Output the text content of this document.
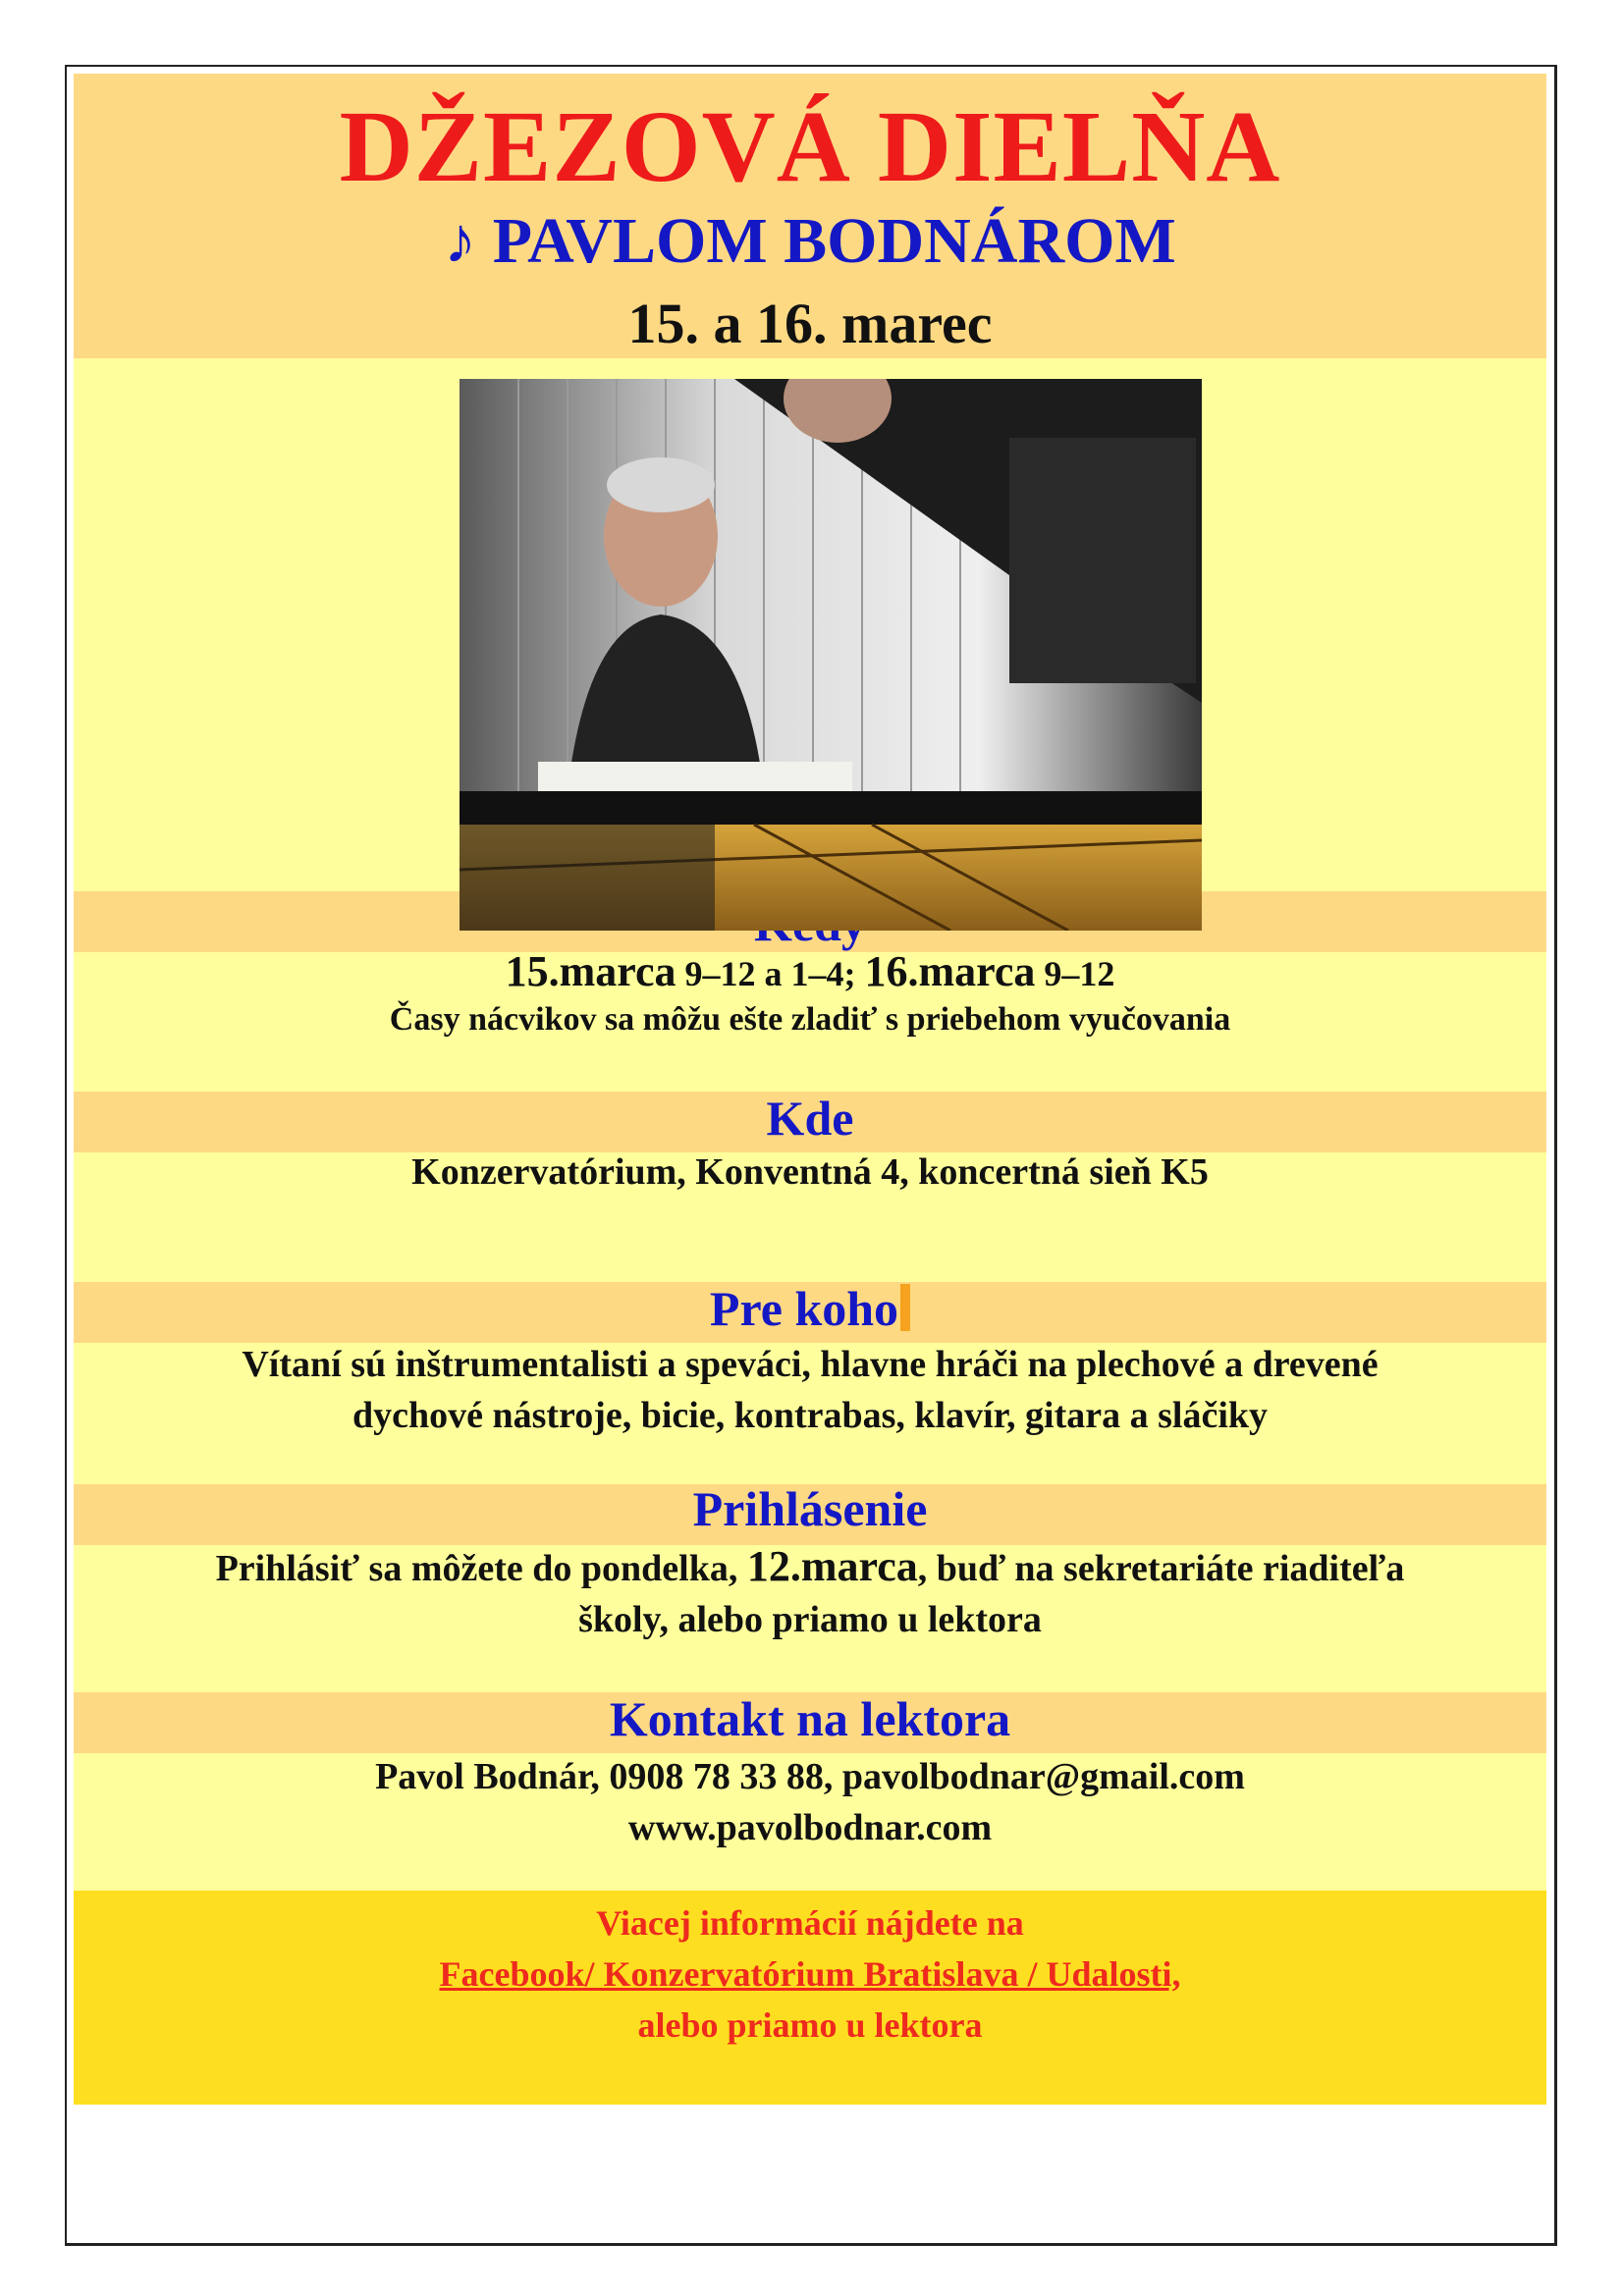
DŽEZOVÁ DIELŇA
♪ PAVLOM BODNÁROM
15. a 16. marec
15.marca 9–12 a 1–4; 16.marca 9–12
Časy nácvikov sa môžu ešte zladiť s priebehom vyučovania
Kde
Konzervatórium, Konventná 4, koncertná sieň K5
Pre koho
Vítaní sú inštrumentalisti a speváci, hlavne hráči na plechové a drevené
dychové nástroje, bicie, kontrabas, klavír, gitara a sláčiky
Prihlásenie
Prihlásiť sa môžete do pondelka, 12.marca, buď na sekretariáte riaditeľa
školy, alebo priamo u lektora
Kontakt na lektora
Pavol Bodnár, 0908 78 33 88, pavolbodnar@gmail.com
www.pavolbodnar.com
Viacej informácií nájdete na
Facebook/ Konzervatórium Bratislava / Udalosti,
alebo priamo u lektora
